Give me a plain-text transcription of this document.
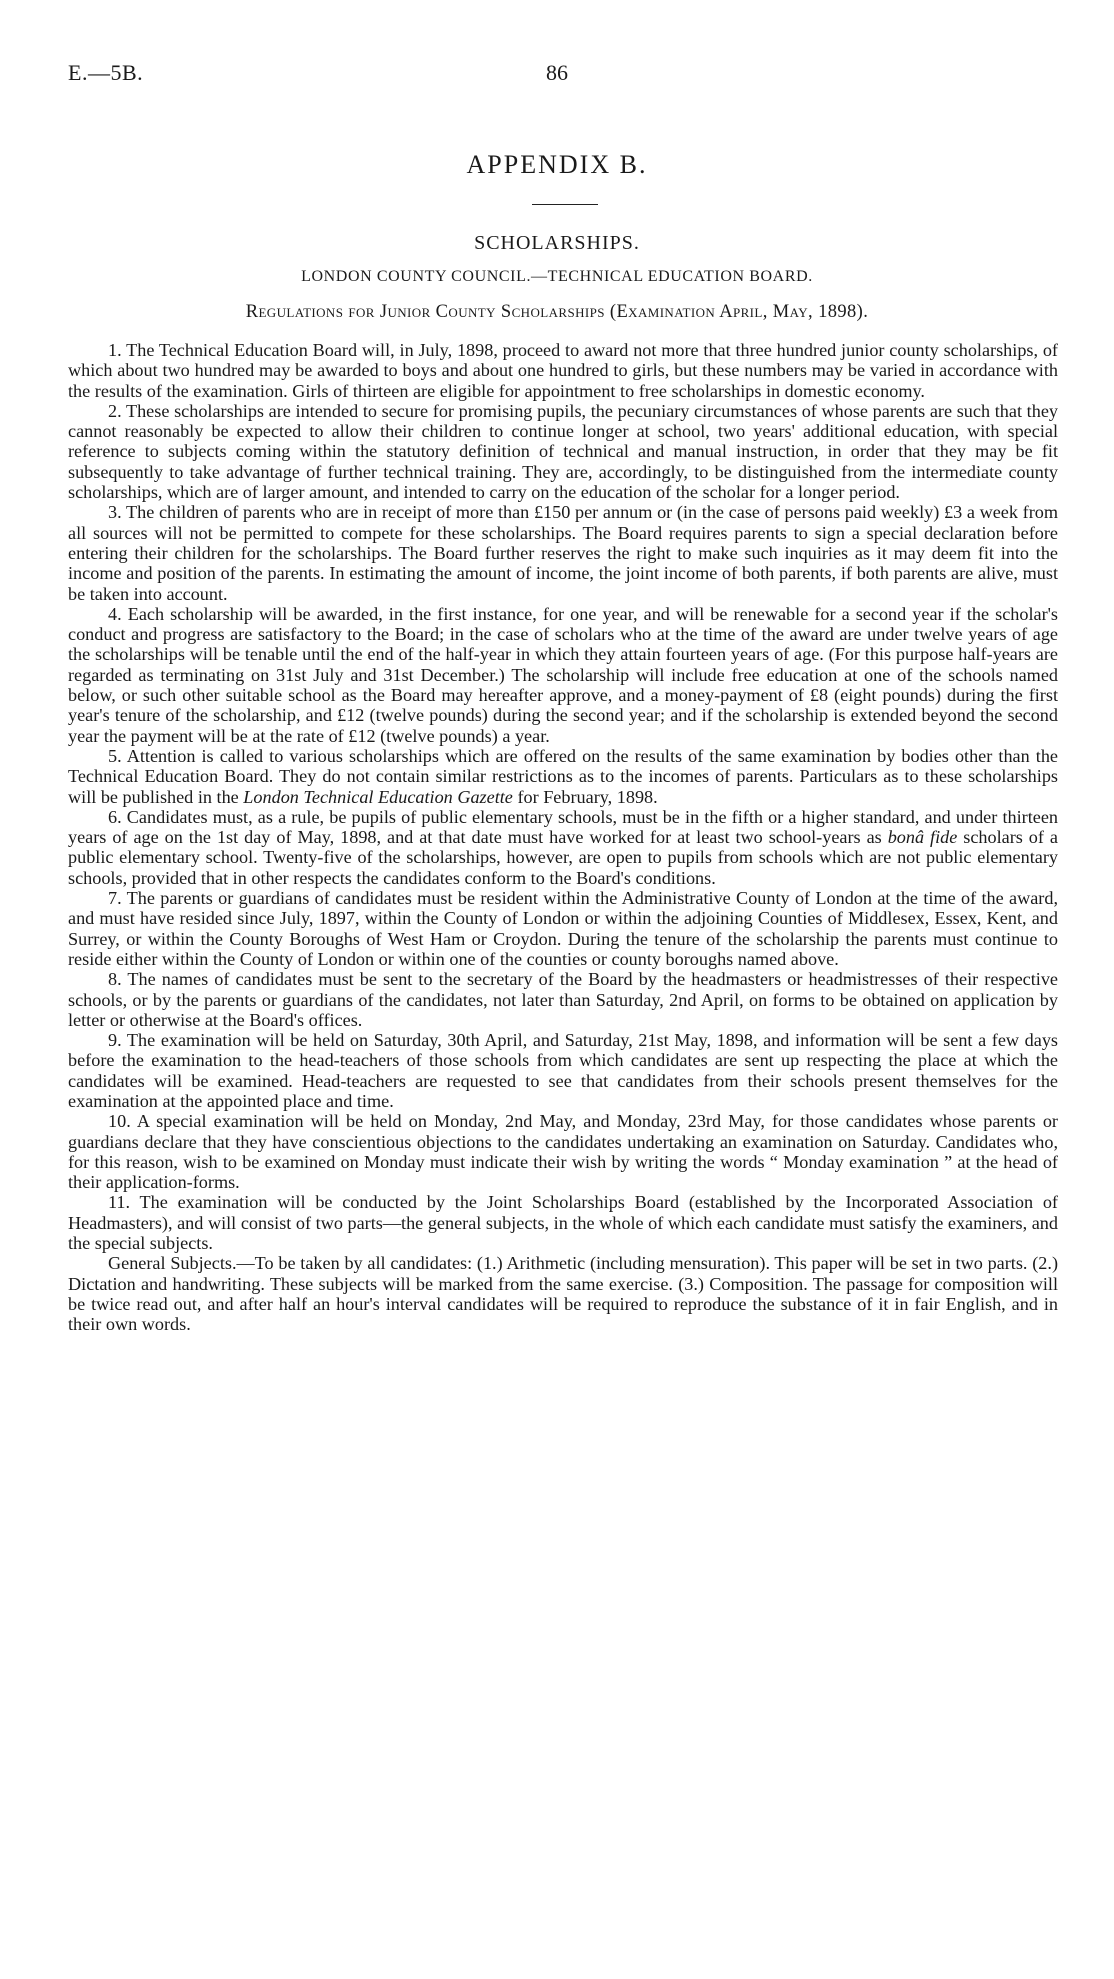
E.—5B.	86
APPENDIX B.
SCHOLARSHIPS.
LONDON COUNTY COUNCIL.—TECHNICAL EDUCATION BOARD.
Regulations for Junior County Scholarships (Examination April, May, 1898).

1. The Technical Education Board will, in July, 1898, proceed to award not more that three hundred junior county scholarships, of which about two hundred may be awarded to boys and about one hundred to girls, but these numbers may be varied in accordance with the results of the examination. Girls of thirteen are eligible for appointment to free scholarships in domestic economy.

2. These scholarships are intended to secure for promising pupils, the pecuniary circumstances of whose parents are such that they cannot reasonably be expected to allow their children to continue longer at school, two years' additional education, with special reference to subjects coming within the statutory definition of technical and manual instruction, in order that they may be fit subsequently to take advantage of further technical training. They are, accordingly, to be distinguished from the intermediate county scholarships, which are of larger amount, and intended to carry on the education of the scholar for a longer period.

3. The children of parents who are in receipt of more than £150 per annum or (in the case of persons paid weekly) £3 a week from all sources will not be permitted to compete for these scholarships. The Board requires parents to sign a special declaration before entering their children for the scholarships. The Board further reserves the right to make such inquiries as it may deem fit into the income and position of the parents. In estimating the amount of income, the joint income of both parents, if both parents are alive, must be taken into account.

4. Each scholarship will be awarded, in the first instance, for one year, and will be renewable for a second year if the scholar's conduct and progress are satisfactory to the Board; in the case of scholars who at the time of the award are under twelve years of age the scholarships will be tenable until the end of the half-year in which they attain fourteen years of age. (For this purpose half-years are regarded as terminating on 31st July and 31st December.) The scholarship will include free education at one of the schools named below, or such other suitable school as the Board may hereafter approve, and a money-payment of £8 (eight pounds) during the first year's tenure of the scholarship, and £12 (twelve pounds) during the second year; and if the scholarship is extended beyond the second year the payment will be at the rate of £12 (twelve pounds) a year.

5. Attention is called to various scholarships which are offered on the results of the same examination by bodies other than the Technical Education Board. They do not contain similar restrictions as to the incomes of parents. Particulars as to these scholarships will be published in the London Technical Education Gazette for February, 1898.

6. Candidates must, as a rule, be pupils of public elementary schools, must be in the fifth or a higher standard, and under thirteen years of age on the 1st day of May, 1898, and at that date must have worked for at least two school-years as bonâ fide scholars of a public elementary school. Twenty-five of the scholarships, however, are open to pupils from schools which are not public elementary schools, provided that in other respects the candidates conform to the Board's conditions.

7. The parents or guardians of candidates must be resident within the Administrative County of London at the time of the award, and must have resided since July, 1897, within the County of London or within the adjoining Counties of Middlesex, Essex, Kent, and Surrey, or within the County Boroughs of West Ham or Croydon. During the tenure of the scholarship the parents must continue to reside either within the County of London or within one of the counties or county boroughs named above.

8. The names of candidates must be sent to the secretary of the Board by the headmasters or headmistresses of their respective schools, or by the parents or guardians of the candidates, not later than Saturday, 2nd April, on forms to be obtained on application by letter or otherwise at the Board's offices.

9. The examination will be held on Saturday, 30th April, and Saturday, 21st May, 1898, and information will be sent a few days before the examination to the head-teachers of those schools from which candidates are sent up respecting the place at which the candidates will be examined. Head-teachers are requested to see that candidates from their schools present themselves for the examination at the appointed place and time.

10. A special examination will be held on Monday, 2nd May, and Monday, 23rd May, for those candidates whose parents or guardians declare that they have conscientious objections to the candidates undertaking an examination on Saturday. Candidates who, for this reason, wish to be examined on Monday must indicate their wish by writing the words “ Monday examination ” at the head of their application-forms.

11. The examination will be conducted by the Joint Scholarships Board (established by the Incorporated Association of Headmasters), and will consist of two parts—the general subjects, in the whole of which each candidate must satisfy the examiners, and the special subjects.

General Subjects.—To be taken by all candidates: (1.) Arithmetic (including mensuration). This paper will be set in two parts. (2.) Dictation and handwriting. These subjects will be marked from the same exercise. (3.) Composition. The passage for composition will be twice read out, and after half an hour's interval candidates will be required to reproduce the substance of it in fair English, and in their own words.
